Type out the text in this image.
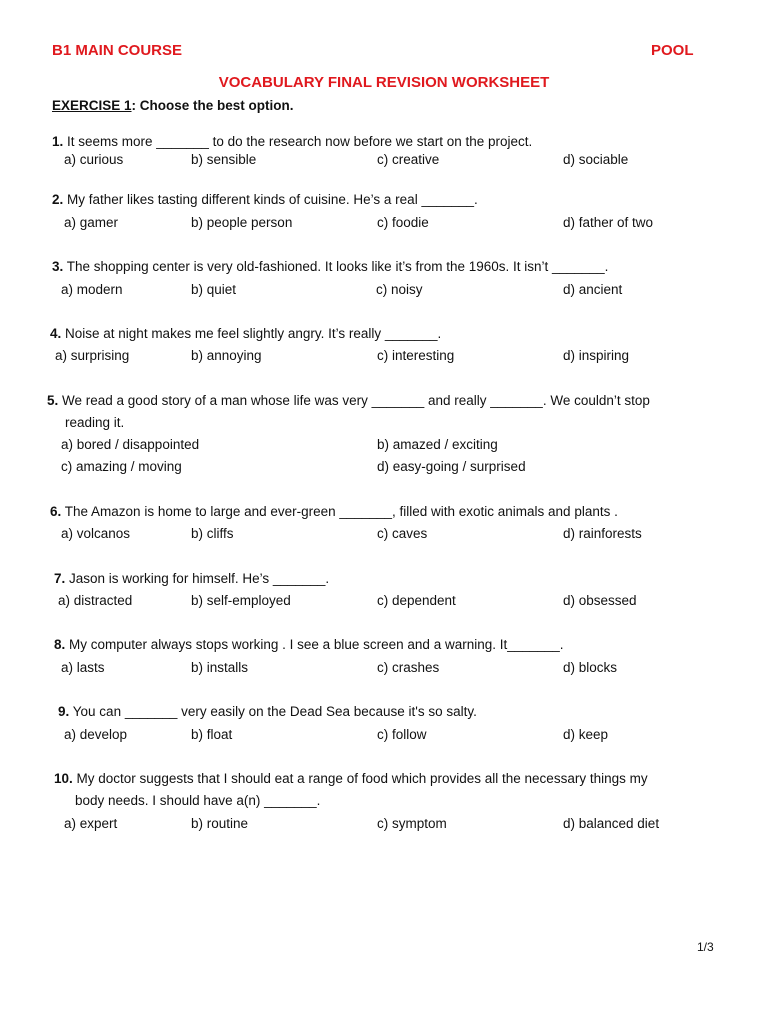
B1 MAIN COURSE	POOL
VOCABULARY FINAL REVISION WORKSHEET
EXERCISE 1: Choose the best option.
1. It seems more _______ to do the research now before we start on the project.
a) curious	b) sensible	c) creative	d) sociable
2. My father likes tasting different kinds of cuisine. He’s a real _______.
a) gamer	b) people person	c) foodie	d) father of two
3. The shopping center is very old-fashioned. It looks like it’s from the 1960s. It isn’t _______.
a) modern	b) quiet	c) noisy	d) ancient
4. Noise at night makes me feel slightly angry. It’s really _______.
a) surprising	b) annoying	c) interesting	d) inspiring
5. We read a good story of a man whose life was very _______ and really _______. We couldn’t stop
reading it.
a) bored / disappointed	b) amazed / exciting
c) amazing / moving	d) easy-going / surprised
6. The Amazon is home to large and ever-green _______, filled with exotic animals and plants .
a) volcanos	b) cliffs	c) caves	d) rainforests
7. Jason is working for himself. He’s _______.
a) distracted	b) self-employed	c) dependent	d) obsessed
8. My computer always stops working . I see a blue screen and a warning. It_______.
a) lasts	b) installs	c) crashes	d) blocks
9. You can _______ very easily on the Dead Sea because it's so salty.
a) develop	b) float	c) follow	d) keep
10. My doctor suggests that I should eat a range of food which provides all the necessary things my
body needs. I should have a(n) _______.
a) expert	b) routine	c) symptom	d) balanced diet
1/3
